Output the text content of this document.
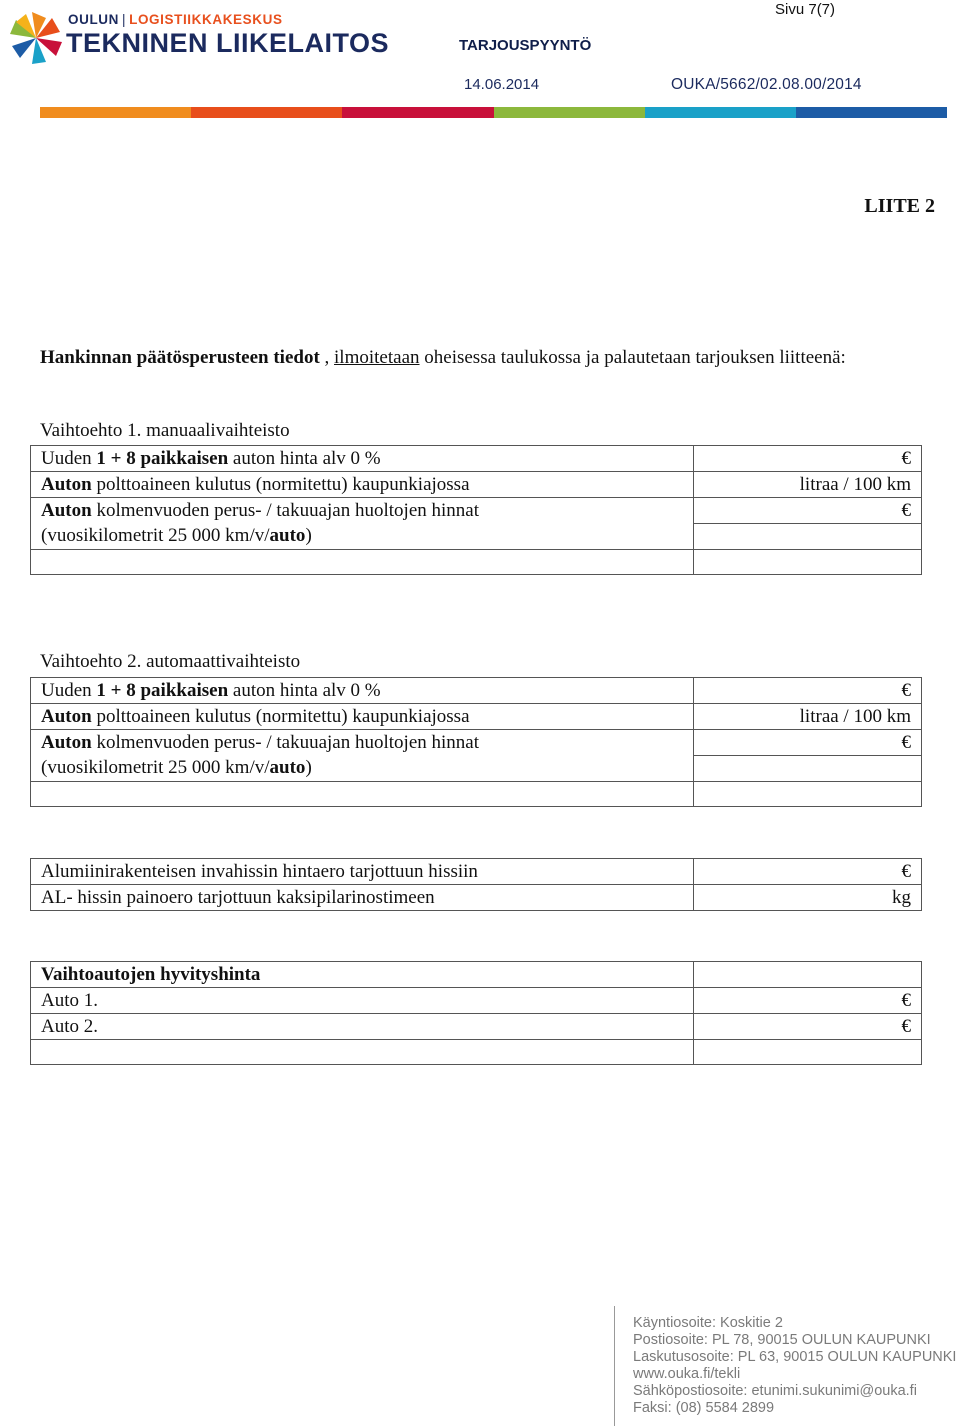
OULUN | LOGISTIIKKAKESKUS
TEKNINEN LIIKELAITOS	TARJOUSPYYNTÖ
Sivu 7(7)
14.06.2014	OUKA/5662/02.08.00/2014
LIITE 2
Hankinnan päätösperusteen tiedot , ilmoitetaan oheisessa taulukossa ja palautetaan tarjouksen liitteenä:
Vaihtoehto 1. manuaalivaihteisto
Uuden 1 + 8 paikkaisen auton hinta alv 0 %	€
Auton polttoaineen kulutus (normitettu) kaupunkiajossa	litraa / 100 km
Auton kolmenvuoden perus- / takuuajan huoltojen hinnat
(vuosikilometrit 25 000 km/v/auto)	€

Vaihtoehto 2. automaattivaihteisto
Uuden 1 + 8 paikkaisen auton hinta alv 0 %	€
Auton polttoaineen kulutus (normitettu) kaupunkiajossa	litraa / 100 km
Auton kolmenvuoden perus- / takuuajan huoltojen hinnat
(vuosikilometrit 25 000 km/v/auto)	€

Alumiinirakenteisen invahissin hintaero tarjottuun hissiin	€
AL- hissin painoero tarjottuun kaksipilarinostimeen	kg
Vaihtoautojen hyvityshinta	
Auto 1.	€
Auto 2.	€

Käyntiosoite: Koskitie 2
Postiosoite: PL 78, 90015 OULUN KAUPUNKI
Laskutusosoite: PL 63, 90015 OULUN KAUPUNKI
www.ouka.fi/tekli
Sähköpostiosoite: etunimi.sukunimi@ouka.fi
Faksi: (08) 5584 2899
